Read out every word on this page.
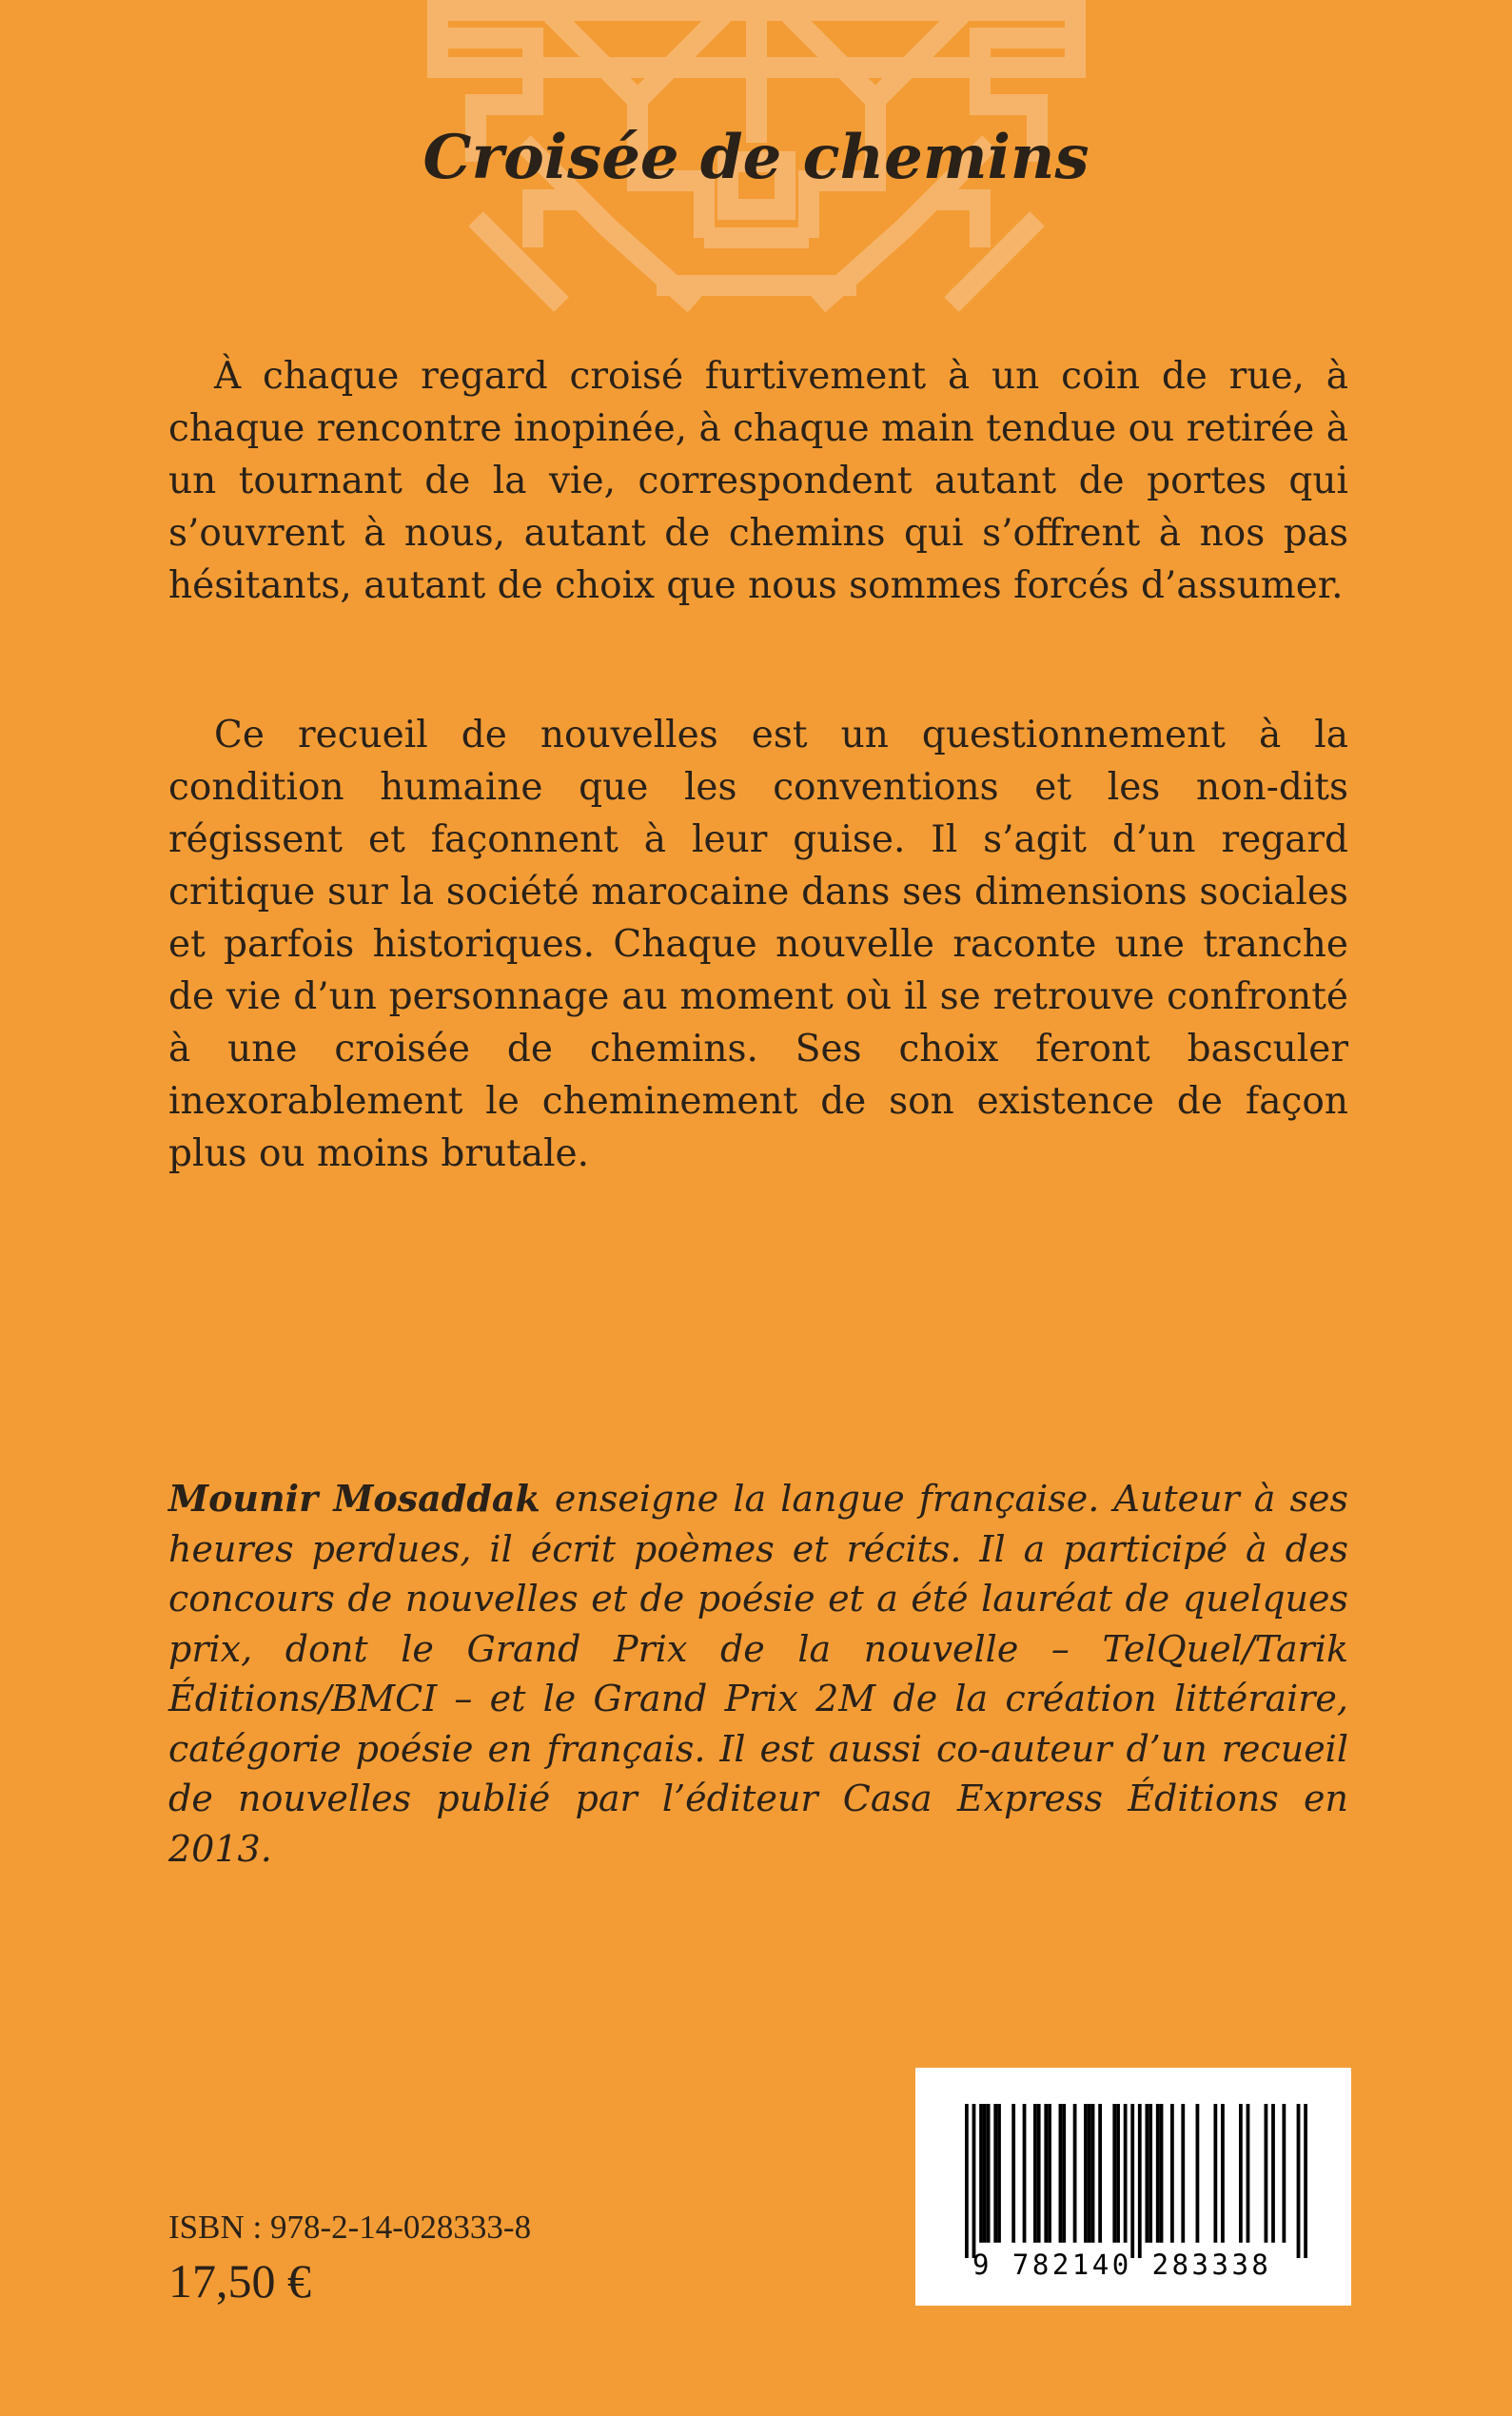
Croisée de chemins

À chaque regard croisé furtivement à un coin de rue, à chaque rencontre inopinée, à chaque main tendue ou retirée à un tournant de la vie, correspondent autant de portes qui s’ouvrent à nous, autant de chemins qui s’offrent à nos pas hésitants, autant de choix que nous sommes forcés d’assumer.

Ce recueil de nouvelles est un questionnement à la condition humaine que les conventions et les non-dits régissent et façonnent à leur guise. Il s’agit d’un regard critique sur la société marocaine dans ses dimensions sociales et parfois historiques. Chaque nouvelle raconte une tranche de vie d’un personnage au moment où il se retrouve confronté à une croisée de chemins. Ses choix feront basculer inexorablement le cheminement de son existence de façon plus ou moins brutale.

Mounir Mosaddak enseigne la langue française. Auteur à ses heures perdues, il écrit poèmes et récits. Il a participé à des concours de nouvelles et de poésie et a été lauréat de quelques prix, dont le Grand Prix de la nouvelle – TelQuel/Tarik Éditions/BMCI – et le Grand Prix 2M de la création littéraire, catégorie poésie en français. Il est aussi co-auteur d’un recueil de nouvelles publié par l’éditeur Casa Express Éditions en 2013.

ISBN : 978-2-14-028333-8
17,50 €	9 782140 283338
